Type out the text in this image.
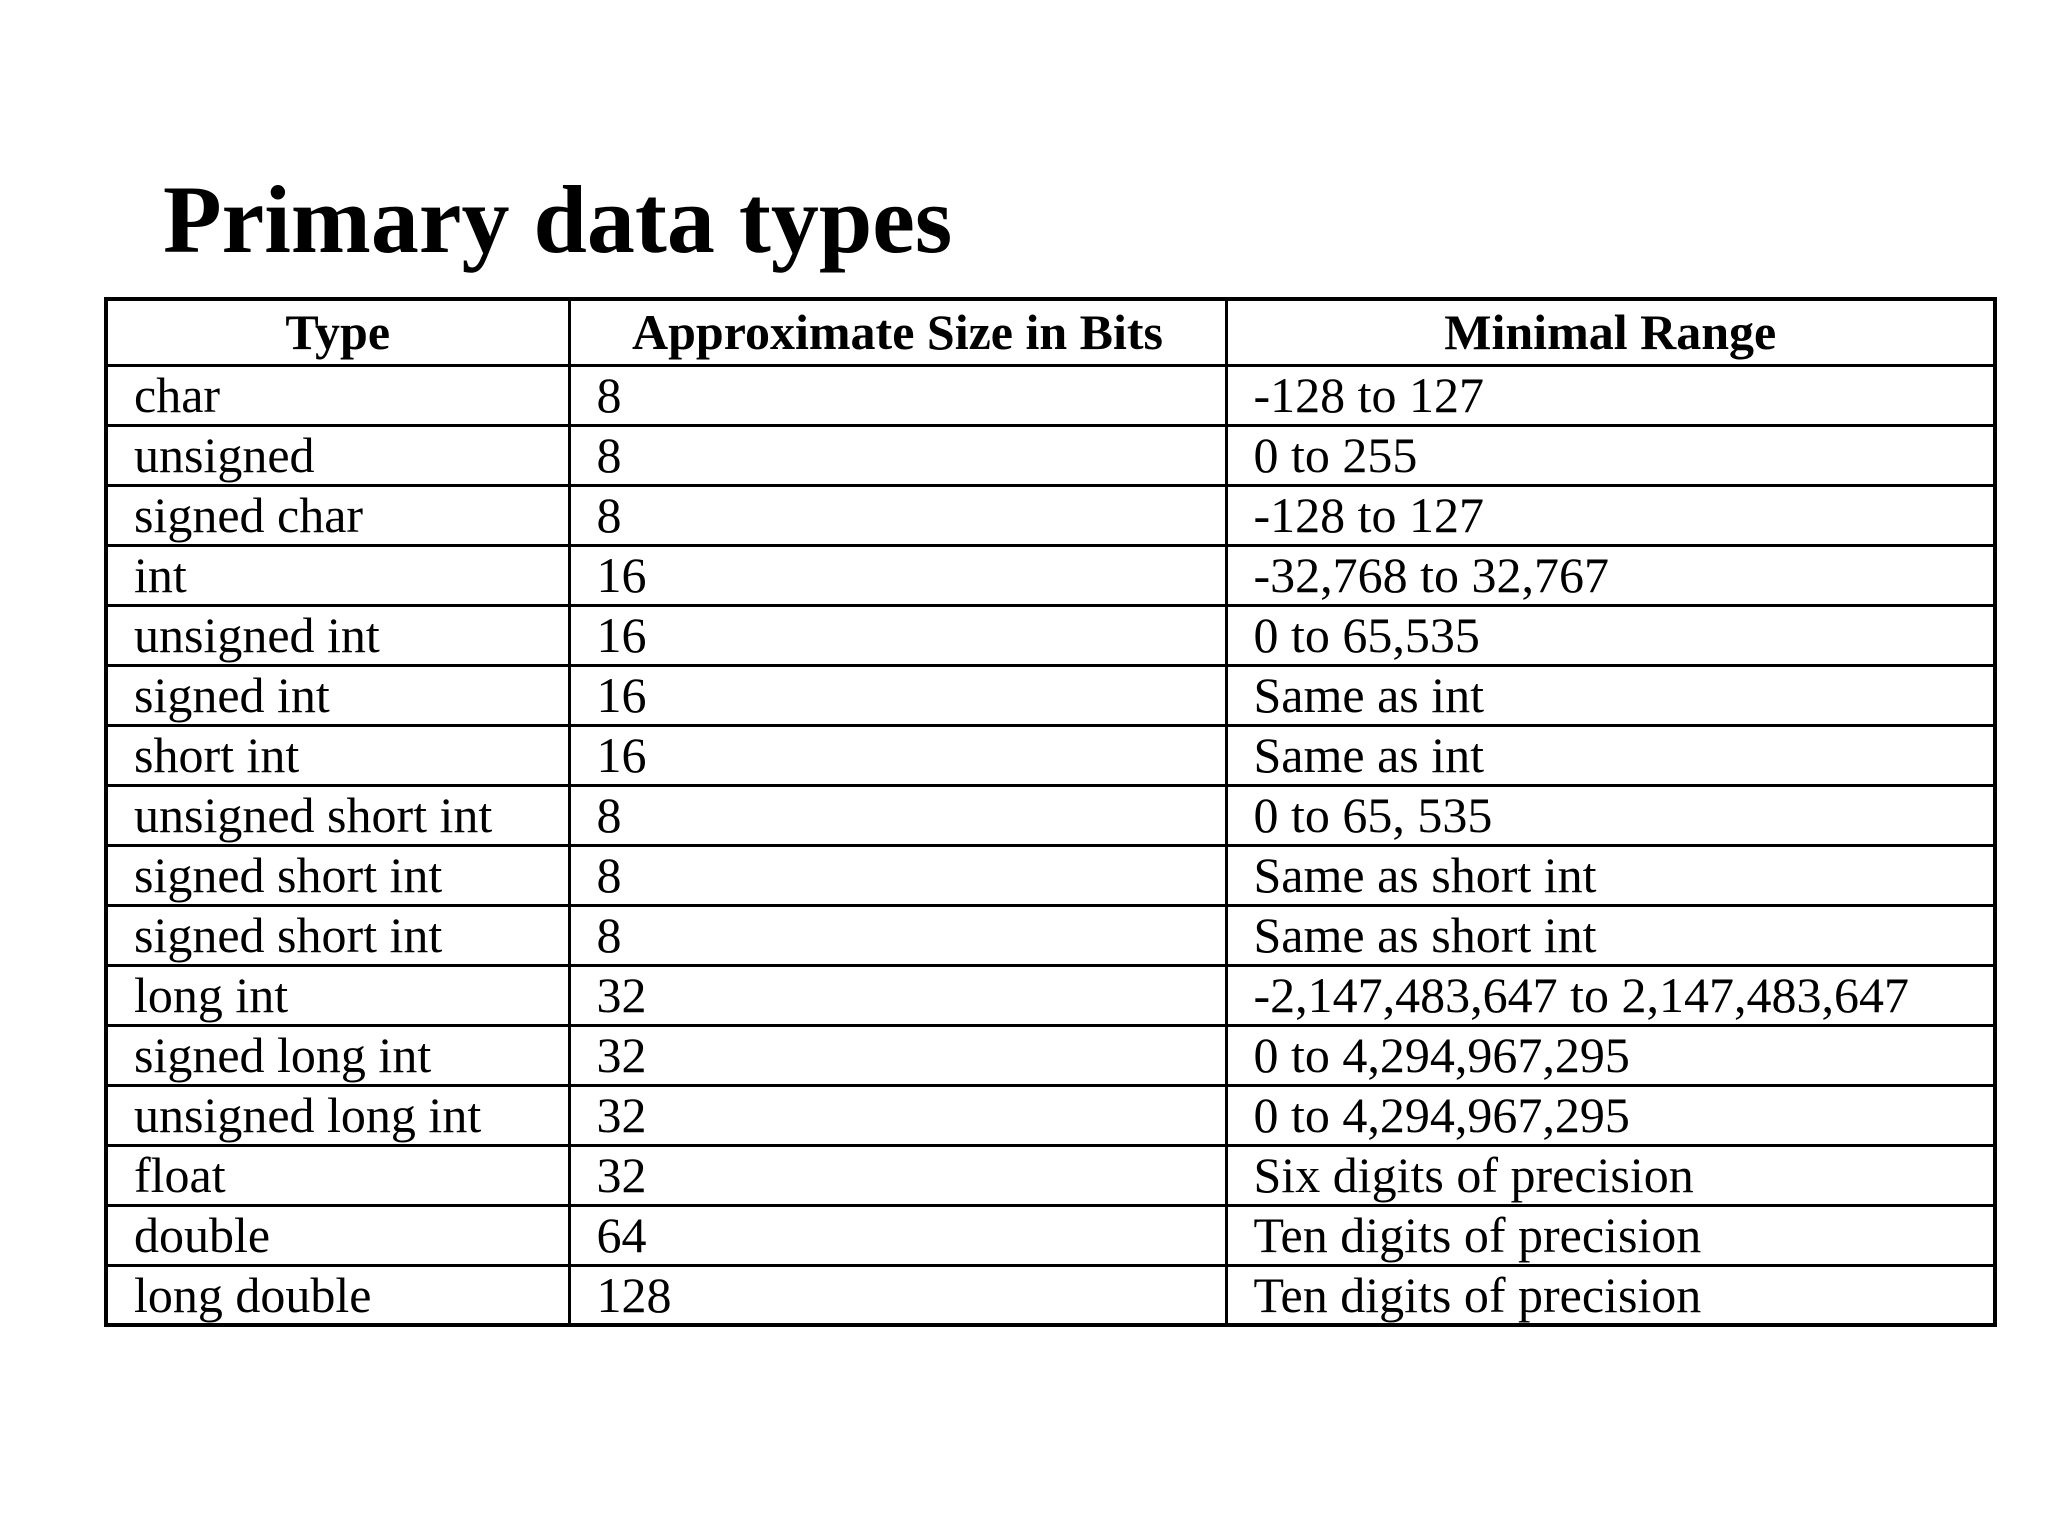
Primary data types
Type	Approximate Size in Bits	Minimal Range
char	8	-128 to 127
unsigned	8	0 to 255
signed char	8	-128 to 127
int	16	-32,768 to 32,767
unsigned int	16	0 to 65,535
signed int	16	Same as int
short int	16	Same as int
unsigned short int	8	0 to 65, 535
signed short int	8	Same as short int
signed short int	8	Same as short int
long int	32	-2,147,483,647 to 2,147,483,647
signed long int	32	0 to 4,294,967,295
unsigned long int	32	0 to 4,294,967,295
float	32	Six digits of precision
double	64	Ten digits of precision
long double	128	Ten digits of precision
